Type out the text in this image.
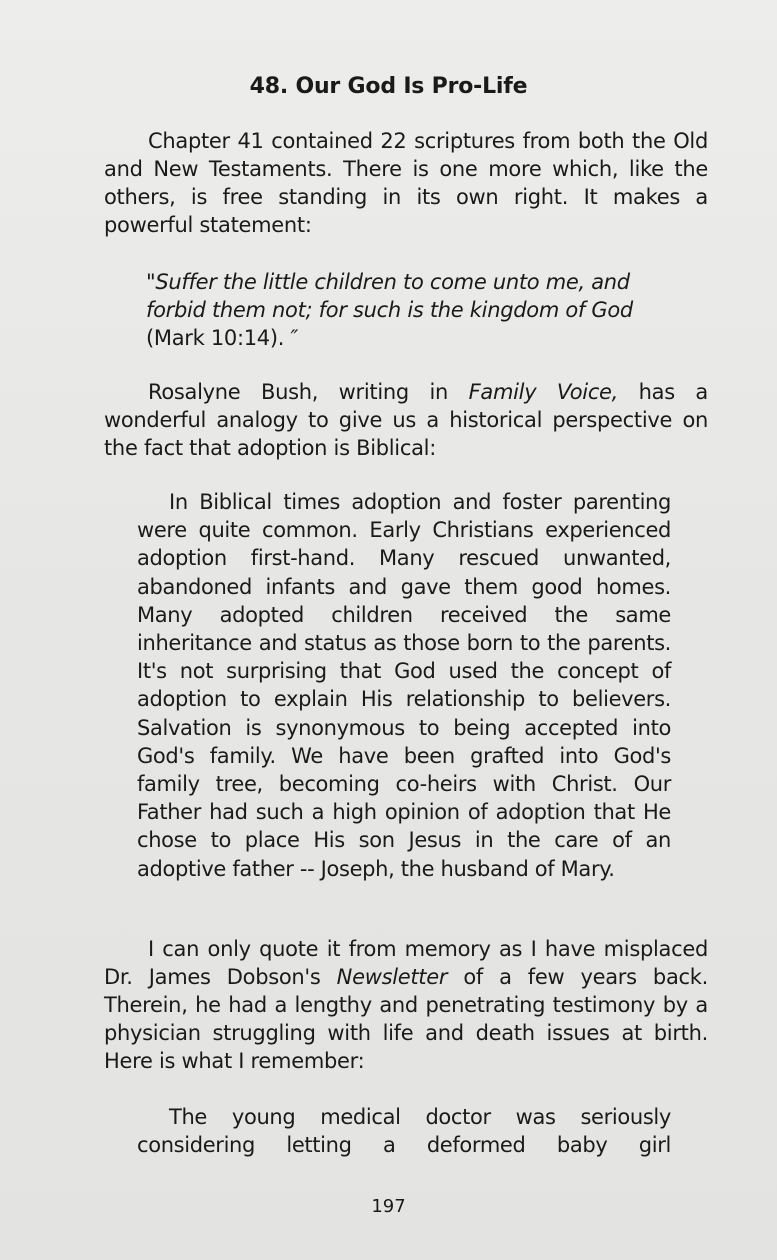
48. Our God Is Pro-Life

Chapter 41 contained 22 scriptures from both the Old and New Testaments. There is one more which, like the others, is free standing in its own right. It makes a powerful statement:

"Suffer the little children to come unto me, and forbid them not; for such is the kingdom of God (Mark 10:14). ″

Rosalyne Bush, writing in Family Voice, has a wonderful analogy to give us a historical perspective on the fact that adoption is Biblical:

In Biblical times adoption and foster parenting were quite common. Early Christians experienced adoption first-hand. Many rescued unwanted, abandoned infants and gave them good homes. Many adopted children received the same inheritance and status as those born to the parents. It's not surprising that God used the concept of adoption to explain His relationship to believers. Salvation is synonymous to being accepted into God's family. We have been grafted into God's family tree, becoming co-heirs with Christ. Our Father had such a high opinion of adoption that He chose to place His son Jesus in the care of an adoptive father -- Joseph, the husband of Mary.

I can only quote it from memory as I have misplaced Dr. James Dobson's Newsletter of a few years back. Therein, he had a lengthy and penetrating testimony by a physician struggling with life and death issues at birth. Here is what I remember:

The young medical doctor was seriously considering letting a deformed baby girl

197
